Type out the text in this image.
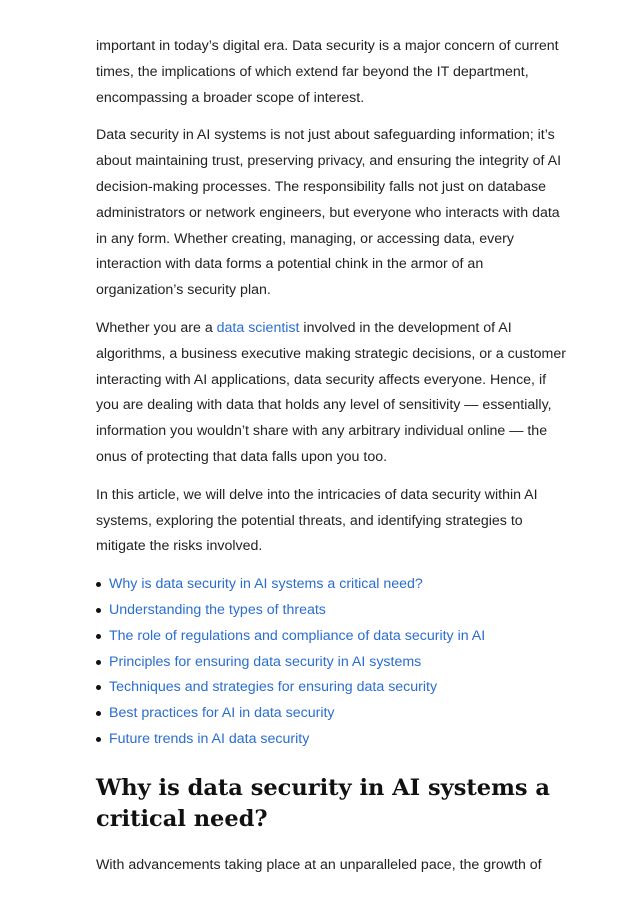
important in today’s digital era. Data security is a major concern of current times, the implications of which extend far beyond the IT department, encompassing a broader scope of interest.

Data security in AI systems is not just about safeguarding information; it’s about maintaining trust, preserving privacy, and ensuring the integrity of AI decision-making processes. The responsibility falls not just on database administrators or network engineers, but everyone who interacts with data in any form. Whether creating, managing, or accessing data, every interaction with data forms a potential chink in the armor of an organization’s security plan.

Whether you are a data scientist involved in the development of AI algorithms, a business executive making strategic decisions, or a customer interacting with AI applications, data security affects everyone. Hence, if you are dealing with data that holds any level of sensitivity — essentially, information you wouldn’t share with any arbitrary individual online — the onus of protecting that data falls upon you too.

In this article, we will delve into the intricacies of data security within AI systems, exploring the potential threats, and identifying strategies to mitigate the risks involved.

Why is data security in AI systems a critical need?
Understanding the types of threats
The role of regulations and compliance of data security in AI
Principles for ensuring data security in AI systems
Techniques and strategies for ensuring data security
Best practices for AI in data security
Future trends in AI data security
Why is data security in AI systems a critical need?

With advancements taking place at an unparalleled pace, the growth of
